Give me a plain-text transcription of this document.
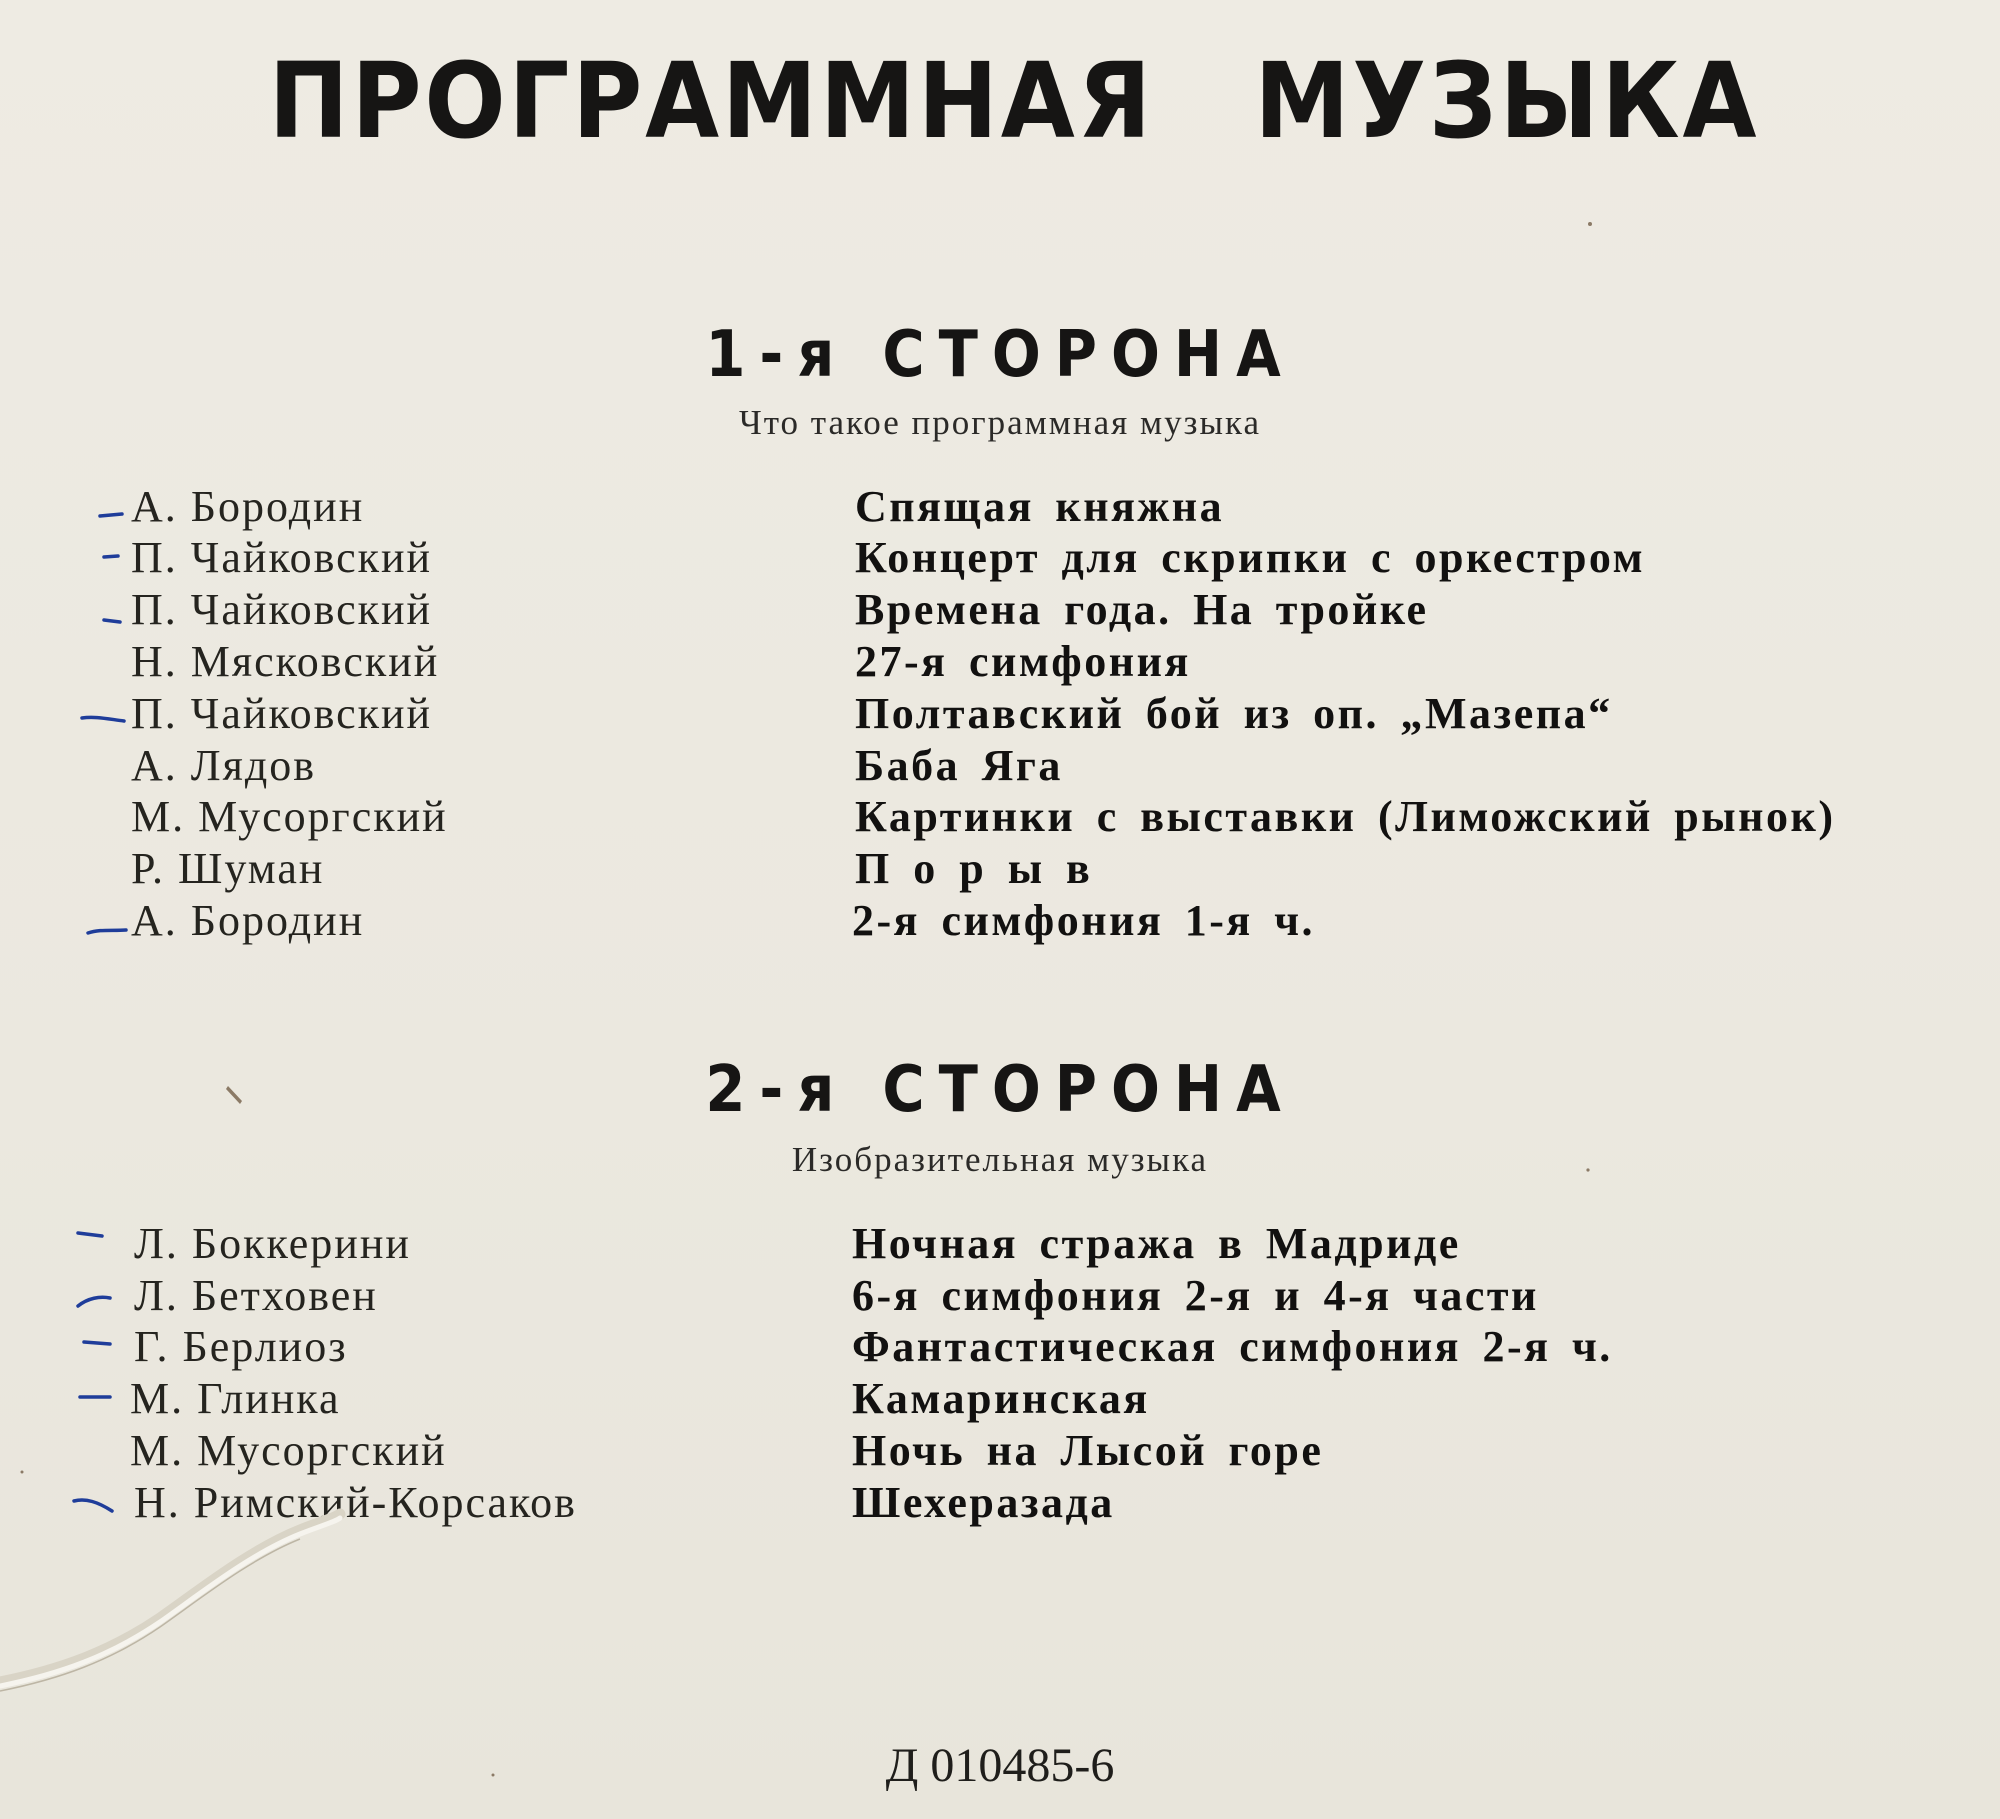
ПРОГРАММНАЯ МУЗЫКА
1-я СТОРОНА
Что такое программная музыка
А. Бородин	Спящая княжна
П. Чайковский	Концерт для скрипки с оркестром
П. Чайковский	Времена года. На тройке
Н. Мясковский	27-я симфония
П. Чайковский	Полтавский бой из оп. „Мазепа“
А. Лядов	Баба Яга
М. Мусоргский	Картинки с выставки (Лиможский рынок)
Р. Шуман	П о р ы в
А. Бородин	2-я симфония 1-я ч.
2-я СТОРОНА
Изобразительная музыка
Л. Боккерини	Ночная стража в Мадриде
Л. Бетховен	6-я симфония 2-я и 4-я части
Г. Берлиоз	Фантастическая симфония 2-я ч.
М. Глинка	Камаринская
М. Мусоргский	Ночь на Лысой горе
Н. Римский-Корсаков	Шехеразада
Д 010485-6
